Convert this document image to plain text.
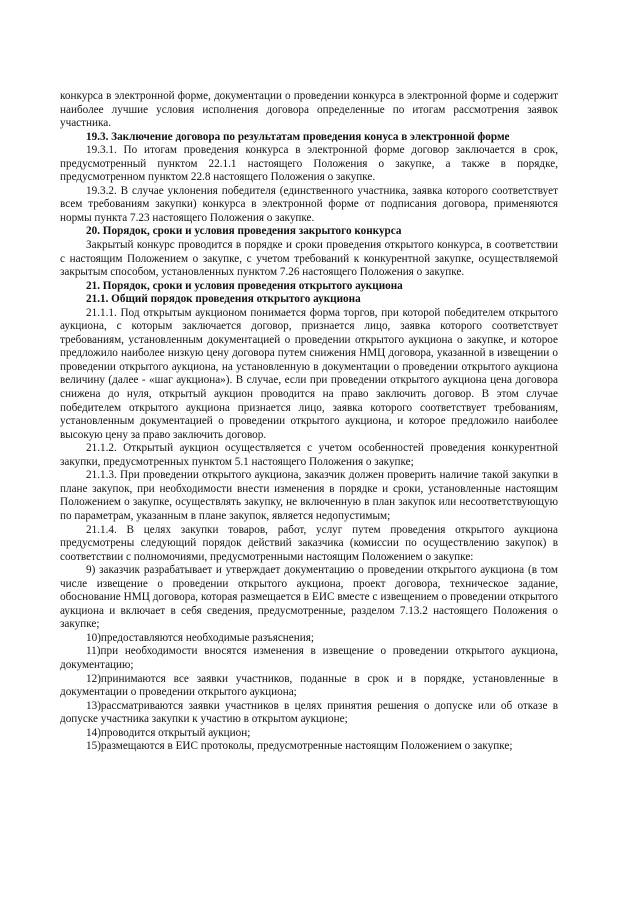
конкурса в электронной форме, документации о проведении конкурса в электронной форме и содержит наиболее лучшие условия исполнения договора определенные по итогам рассмотрения заявок участника.

19.3. Заключение договора по результатам проведения конуса в электронной форме

19.3.1. По итогам проведения конкурса в электронной форме договор заключается в срок, предусмотренный пунктом 22.1.1 настоящего Положения о закупке, а также в порядке, предусмотренном пунктом 22.8 настоящего Положения о закупке.

19.3.2. В случае уклонения победителя (единственного участника, заявка которого соответствует всем требованиям закупки) конкурса в электронной форме от подписания договора, применяются нормы пункта 7.23 настоящего Положения о закупке.

20. Порядок, сроки и условия проведения закрытого конкурса

Закрытый конкурс проводится в порядке и сроки проведения открытого конкурса, в соответствии с настоящим Положением о закупке, с учетом требований к конкурентной закупке, осуществляемой закрытым способом, установленных пунктом 7.26 настоящего Положения о закупке.

21. Порядок, сроки и условия проведения открытого аукциона

21.1. Общий порядок проведения открытого аукциона

21.1.1. Под открытым аукционом понимается форма торгов, при которой победителем открытого аукциона, с которым заключается договор, признается лицо, заявка которого соответствует требованиям, установленным документацией о проведении открытого аукциона о закупке, и которое предложило наиболее низкую цену договора путем снижения НМЦ договора, указанной в извещении о проведении открытого аукциона, на установленную в документации о проведении открытого аукциона величину (далее - «шаг аукциона»). В случае, если при проведении открытого аукциона цена договора снижена до нуля, открытый аукцион проводится на право заключить договор. В этом случае победителем открытого аукциона признается лицо, заявка которого соответствует требованиям, установленным документацией о проведении открытого аукциона, и которое предложило наиболее высокую цену за право заключить договор.

21.1.2. Открытый аукцион осуществляется с учетом особенностей проведения конкурентной закупки, предусмотренных пунктом 5.1 настоящего Положения о закупке;

21.1.3. При проведении открытого аукциона, заказчик должен проверить наличие такой закупки в плане закупок, при необходимости внести изменения в порядке и сроки, установленные настоящим Положением о закупке, осуществлять закупку, не включенную в план закупок или несоответствующую по параметрам, указанным в плане закупок, является недопустимым;

21.1.4. В целях закупки товаров, работ, услуг путем проведения открытого аукциона предусмотрены следующий порядок действий заказчика (комиссии по осуществлению закупок) в соответствии с полномочиями, предусмотренными настоящим Положением о закупке:

9) заказчик разрабатывает и утверждает документацию о проведении открытого аукциона (в том числе извещение о проведении открытого аукциона, проект договора, техническое задание, обоснование НМЦ договора, которая размещается в ЕИС вместе с извещением о проведении открытого аукциона и включает в себя сведения, предусмотренные, разделом 7.13.2 настоящего Положения о закупке;

10)предоставляются необходимые разъяснения;

11)при необходимости вносятся изменения в извещение о проведении открытого аукциона, документацию;

12)принимаются все заявки участников, поданные в срок и в порядке, установленные в документации о проведении открытого аукциона;

13)рассматриваются заявки участников в целях принятия решения о допуске или об отказе в допуске участника закупки к участию в открытом аукционе;

14)проводится открытый аукцион;

15)размещаются в ЕИС протоколы, предусмотренные настоящим Положением о закупке;
